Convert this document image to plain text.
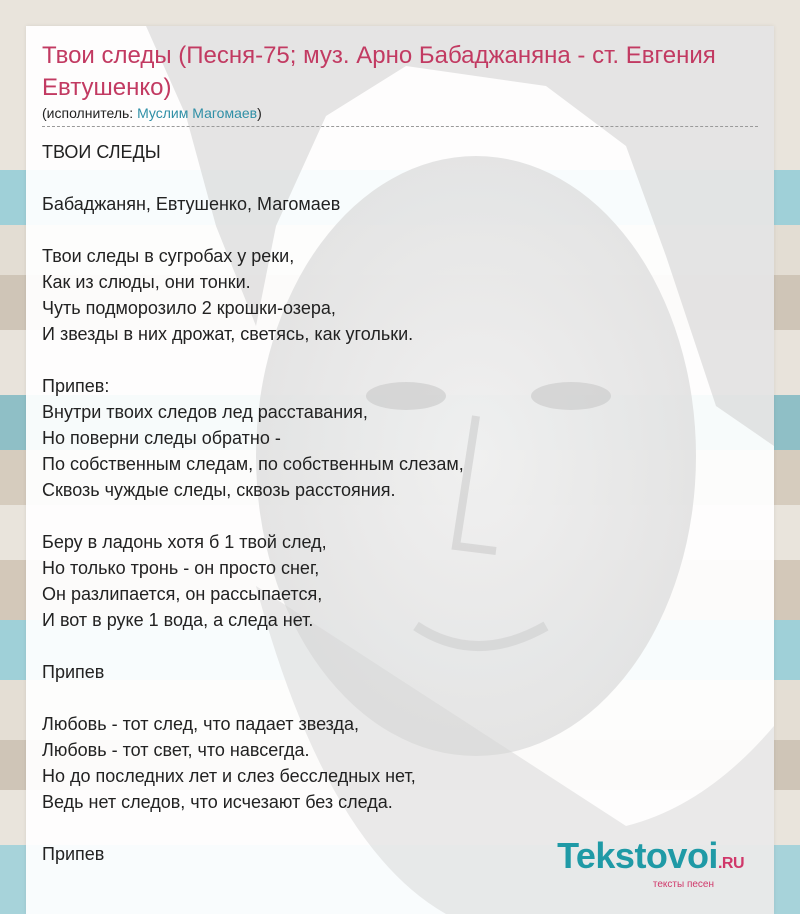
Твои следы (Песня-75; муз. Арно Бабаджаняна - ст. Евгения Евтушенко)

(исполнитель: Муслим Магомаев)

ТВОИ СЛЕДЫ
Бабаджанян, Евтушенко, Магомаев
Твои следы в сугробах у реки,
Как из слюды, они тонки.
Чуть подморозило 2 крошки-озера,
И звезды в них дрожат, светясь, как угольки.
Припев:
Внутри твоих следов лед расставания,
Но поверни следы обратно -
По собственным следам, по собственным слезам,
Сквозь чуждые следы, сквозь расстояния.
Беру в ладонь хотя б 1 твой след,
Но только тронь - он просто снег,
Он разлипается, он рассыпается,
И вот в руке 1 вода, а следа нет.
Припев
Любовь - тот след, что падает звезда,
Любовь - тот свет, что навсегда.
Но до последних лет и слез бесследных нет,
Ведь нет следов, что исчезают без следа.
Припев	Tekstovoi.RU
тексты песен
